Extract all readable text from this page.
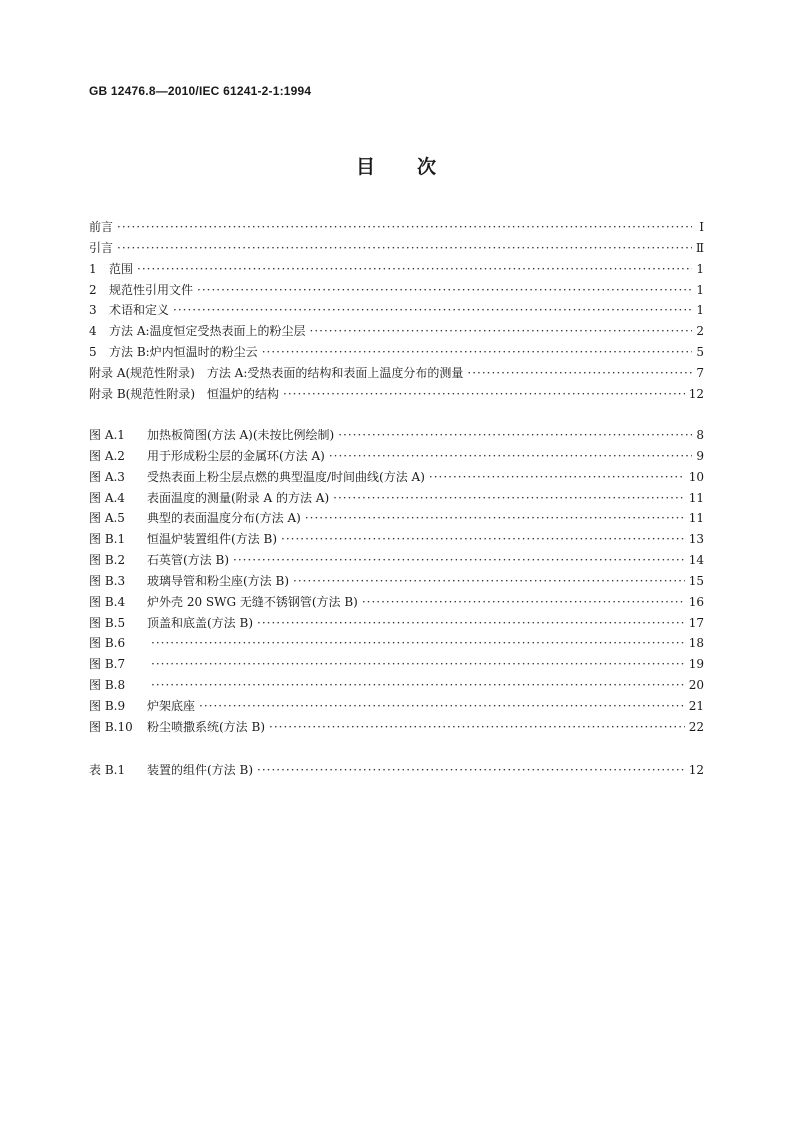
GB 12476.8—2010/IEC 61241-2-1:1994
目 次
前言 ·····	Ⅰ
引言 ·····	Ⅱ
1	范围 ·····	1
2	规范性引用文件 ·····	1
3	术语和定义 ·····	1
4	方法 A:温度恒定受热表面上的粉尘层 ·····	2
5	方法 B:炉内恒温时的粉尘云 ·····	5
附录 A(规范性附录)　方法 A:受热表面的结构和表面上温度分布的测量 ·····	7
附录 B(规范性附录)　恒温炉的结构 ·····	12
图 A.1	加热板简图(方法 A)(未按比例绘制) ·····	8
图 A.2	用于形成粉尘层的金属环(方法 A) ·····	9
图 A.3	受热表面上粉尘层点燃的典型温度/时间曲线(方法 A) ·····	10
图 A.4	表面温度的测量(附录 A 的方法 A) ·····	11
图 A.5	典型的表面温度分布(方法 A) ·····	11
图 B.1	恒温炉装置组件(方法 B) ·····	13
图 B.2	石英管(方法 B) ·····	14
图 B.3	玻璃导管和粉尘座(方法 B) ·····	15
图 B.4	炉外壳 20 SWG 无缝不锈钢管(方法 B) ·····	16
图 B.5	顶盖和底盖(方法 B) ·····	17
图 B.6 ·····	18
图 B.7 ·····	19
图 B.8 ·····	20
图 B.9	炉架底座 ·····	21
图 B.10	粉尘喷撒系统(方法 B) ·····	22
表 B.1	装置的组件(方法 B) ·····	12
